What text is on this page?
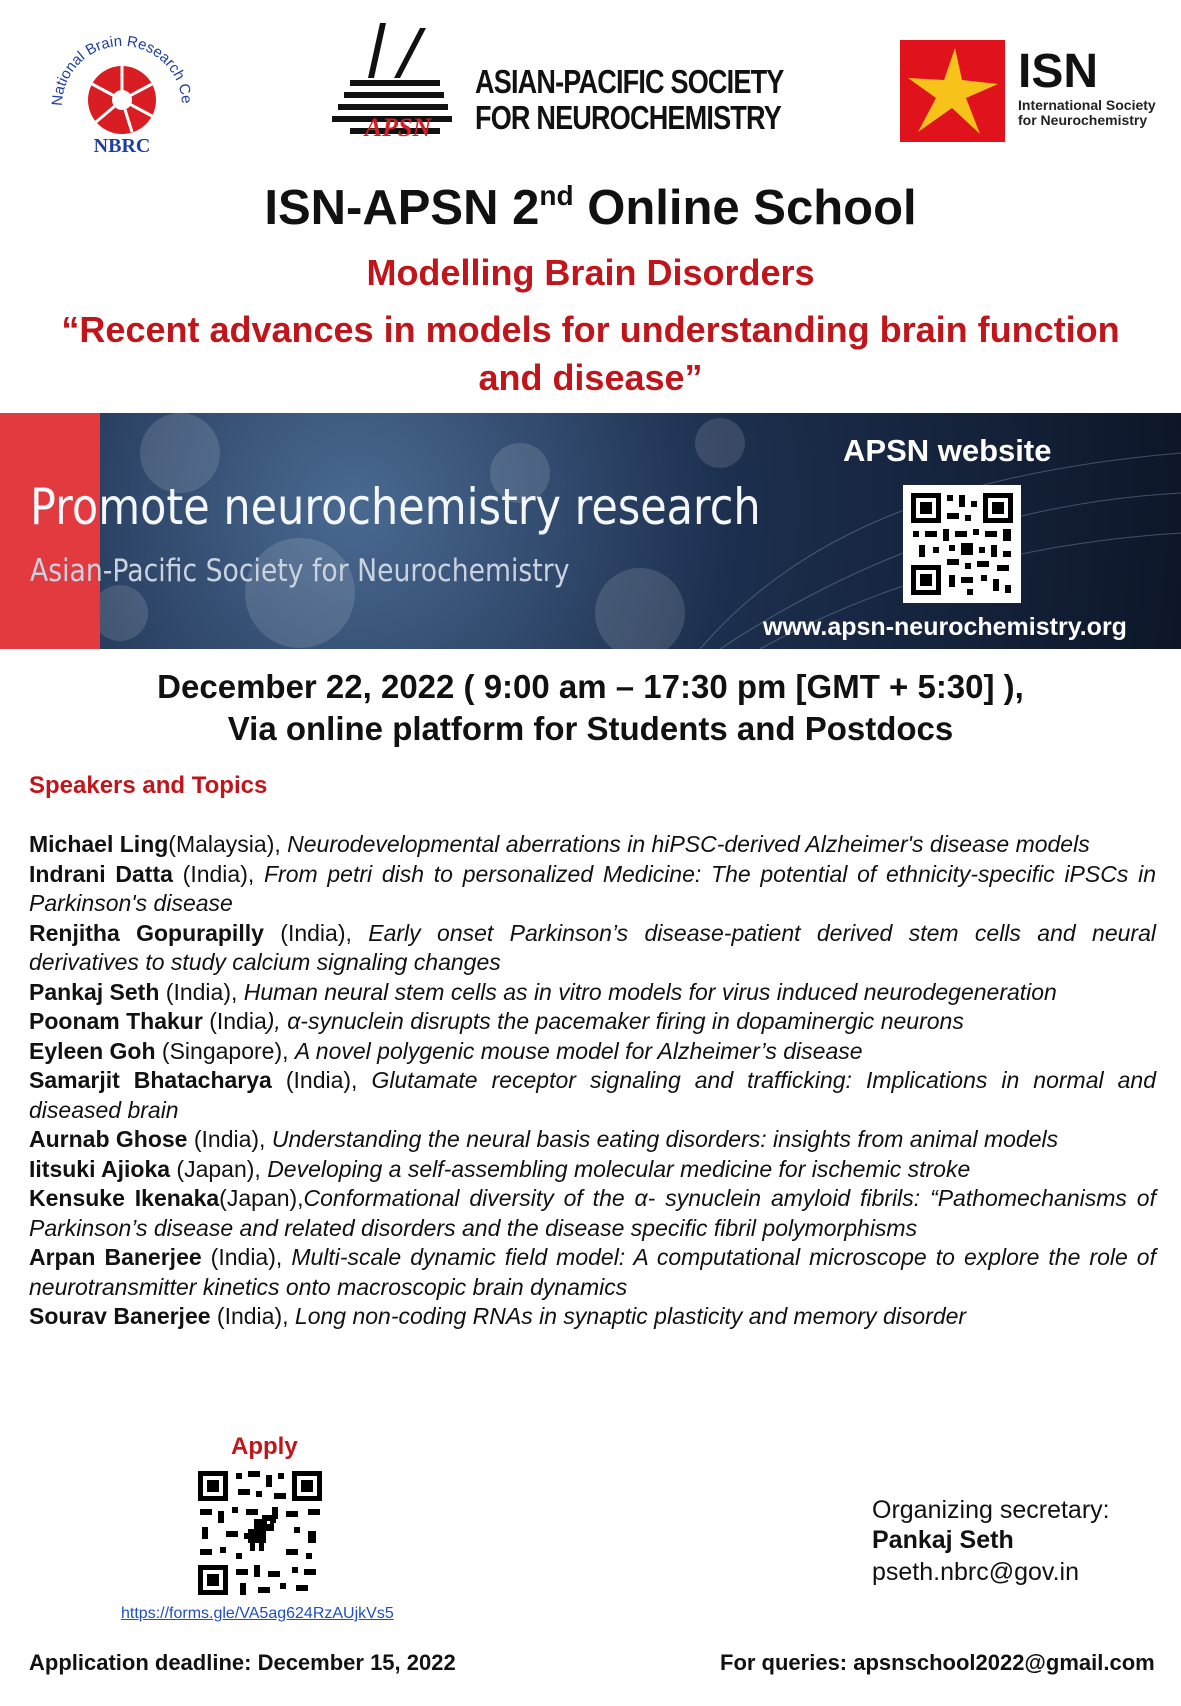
National Brain Research Ce
NBRC
APSN
ASIAN-PACIFIC SOCIETY
FOR NEUROCHEMISTRY
ISN
International Society
for Neurochemistry
ISN-APSN 2nd Online School
Modelling Brain Disorders
“Recent advances in models for understanding brain function and disease”
Promote neurochemistry research
Asian-Pacific Society for Neurochemistry
APSN website
www.apsn-neurochemistry.org
December 22, 2022 ( 9:00 am – 17:30 pm [GMT + 5:30] ),
Via online platform for Students and Postdocs
Speakers and Topics

Michael Ling(Malaysia), Neurodevelopmental aberrations in hiPSC-derived Alzheimer's disease models

Indrani Datta (India), From petri dish to personalized Medicine: The potential of ethnicity-specific iPSCs in Parkinson's disease

Renjitha Gopurapilly (India), Early onset Parkinson’s disease-patient derived stem cells and neural derivatives to study calcium signaling changes

Pankaj Seth (India), Human neural stem cells as in vitro models for virus induced neurodegeneration

Poonam Thakur (India), α-synuclein disrupts the pacemaker firing in dopaminergic neurons

Eyleen Goh (Singapore), A novel polygenic mouse model for Alzheimer’s disease

Samarjit Bhatacharya (India), Glutamate receptor signaling and trafficking: Implications in normal and diseased brain

Aurnab Ghose (India), Understanding the neural basis eating disorders: insights from animal models

Iitsuki Ajioka (Japan), Developing a self-assembling molecular medicine for ischemic stroke

Kensuke Ikenaka(Japan),Conformational diversity of the α- synuclein amyloid fibrils: “Pathomechanisms of Parkinson’s disease and related disorders and the disease specific fibril polymorphisms

Arpan Banerjee (India), Multi-scale dynamic field model: A computational microscope to explore the role of neurotransmitter kinetics onto macroscopic brain dynamics

Sourav Banerjee (India), Long non-coding RNAs in synaptic plasticity and memory disorder

Apply
https://forms.gle/VA5ag624RzAUjkVs5
Organizing secretary:
Pankaj Seth
pseth.nbrc@gov.in
Application deadline: December 15, 2022	For queries: apsnschool2022@gmail.com
